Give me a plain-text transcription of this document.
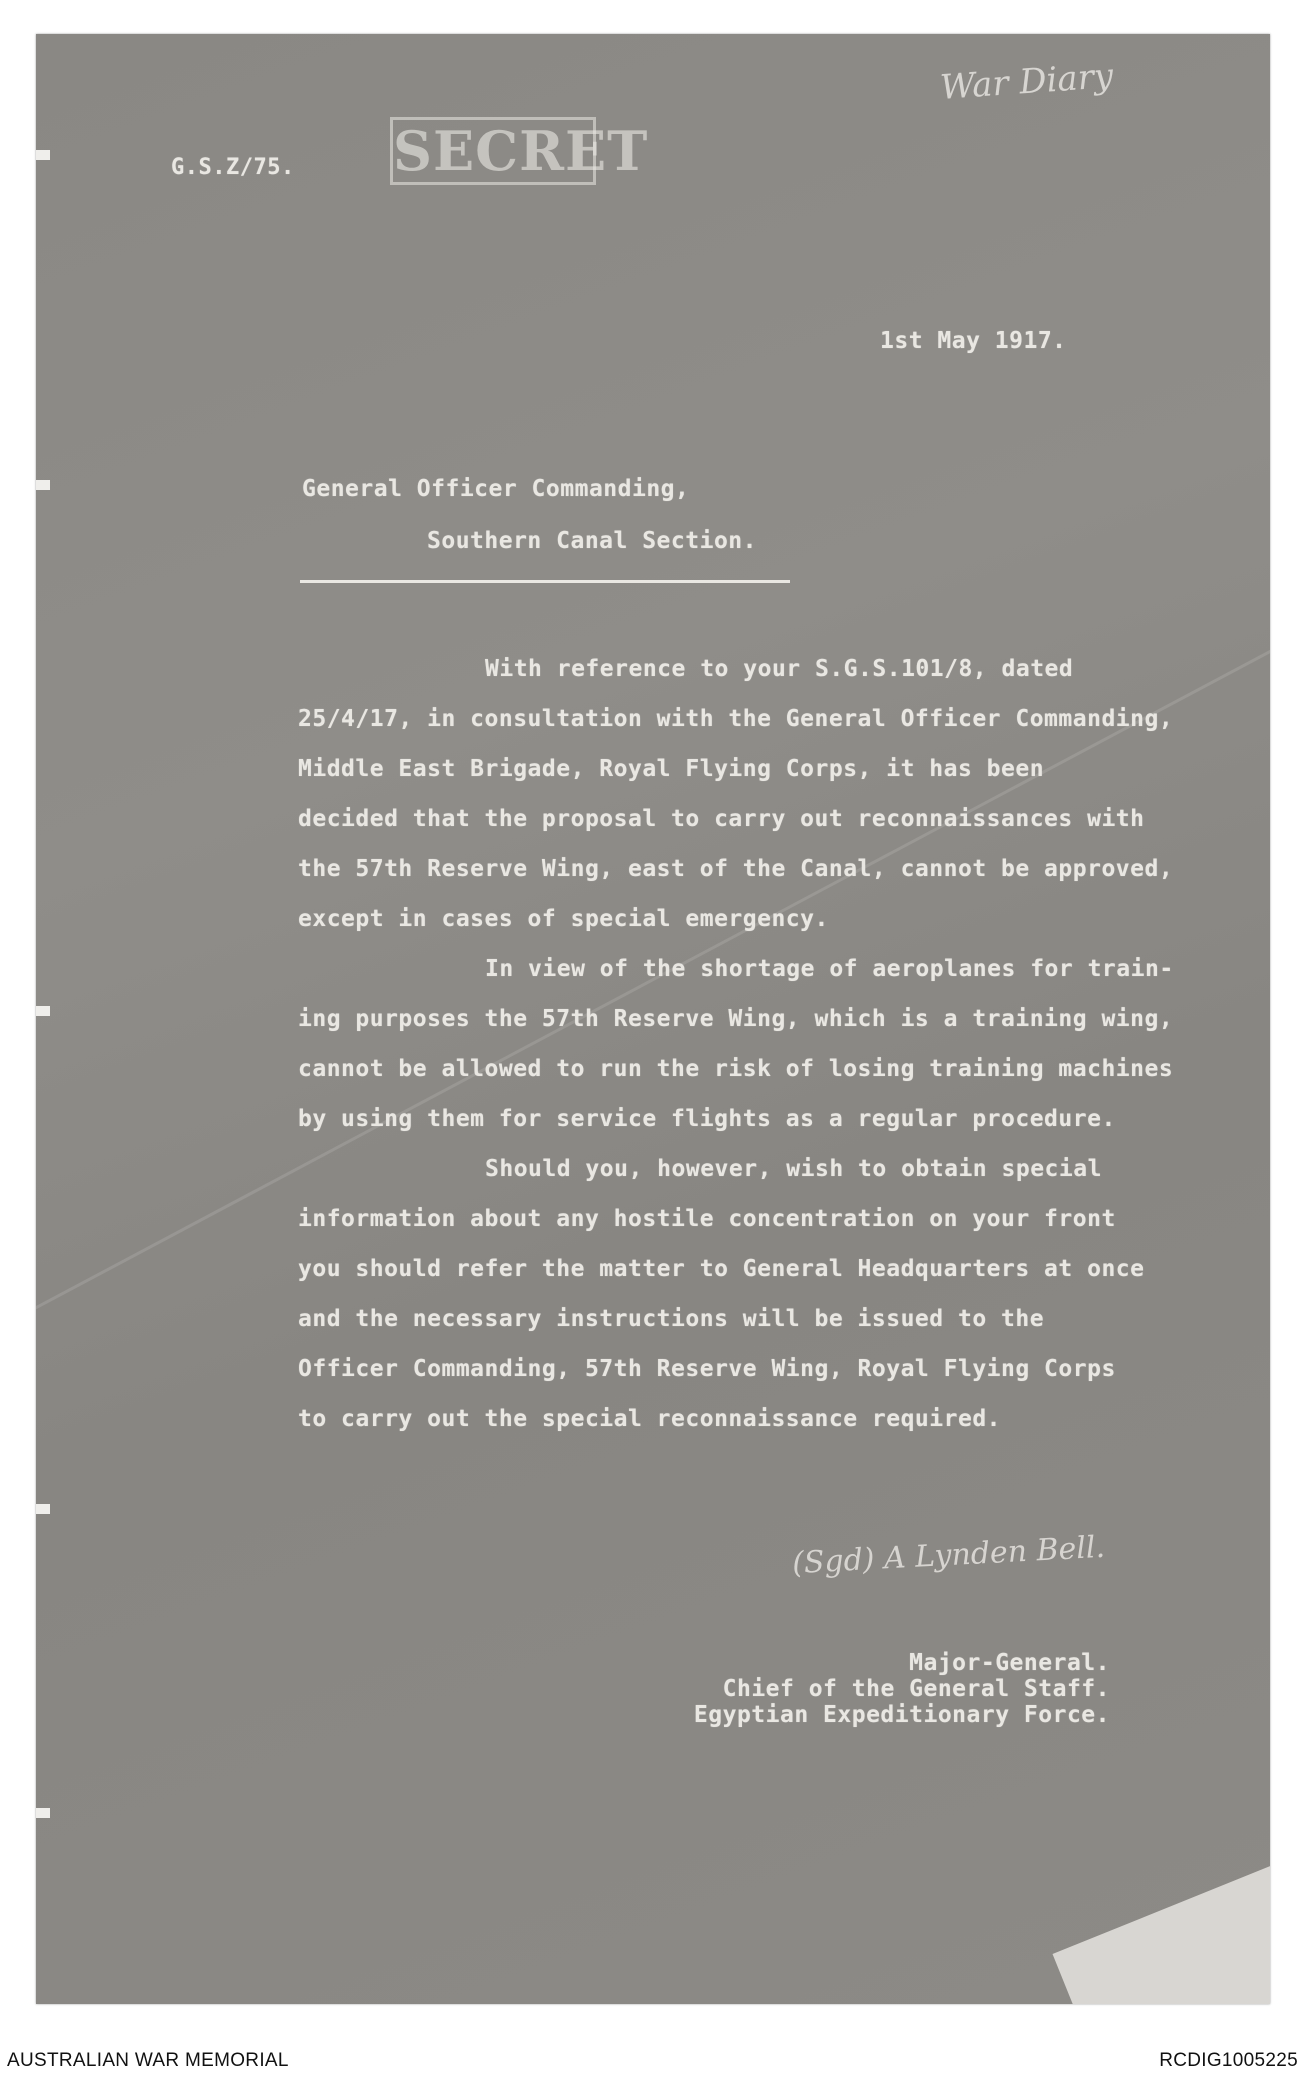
G.S.Z/75. SECRET
War Diary
1st May 1917.
General Officer Commanding,
Southern Canal Section.
With reference to your S.G.S.101/8, dated
25/4/17, in consultation with the General Officer Commanding,
Middle East Brigade, Royal Flying Corps, it has been
decided that the proposal to carry out reconnaissances with
the 57th Reserve Wing, east of the Canal, cannot be approved,
except in cases of special emergency.
In view of the shortage of aeroplanes for train-
ing purposes the 57th Reserve Wing, which is a training wing,
cannot be allowed to run the risk of losing training machines
by using them for service flights as a regular procedure.
Should you, however, wish to obtain special
information about any hostile concentration on your front
you should refer the matter to General Headquarters at once
and the necessary instructions will be issued to the
Officer Commanding, 57th Reserve Wing, Royal Flying Corps
to carry out the special reconnaissance required.
(Sgd) A Lynden Bell.
Major-General.
Chief of the General Staff.
Egyptian Expeditionary Force.
AUSTRALIAN WAR MEMORIAL	RCDIG1005225
